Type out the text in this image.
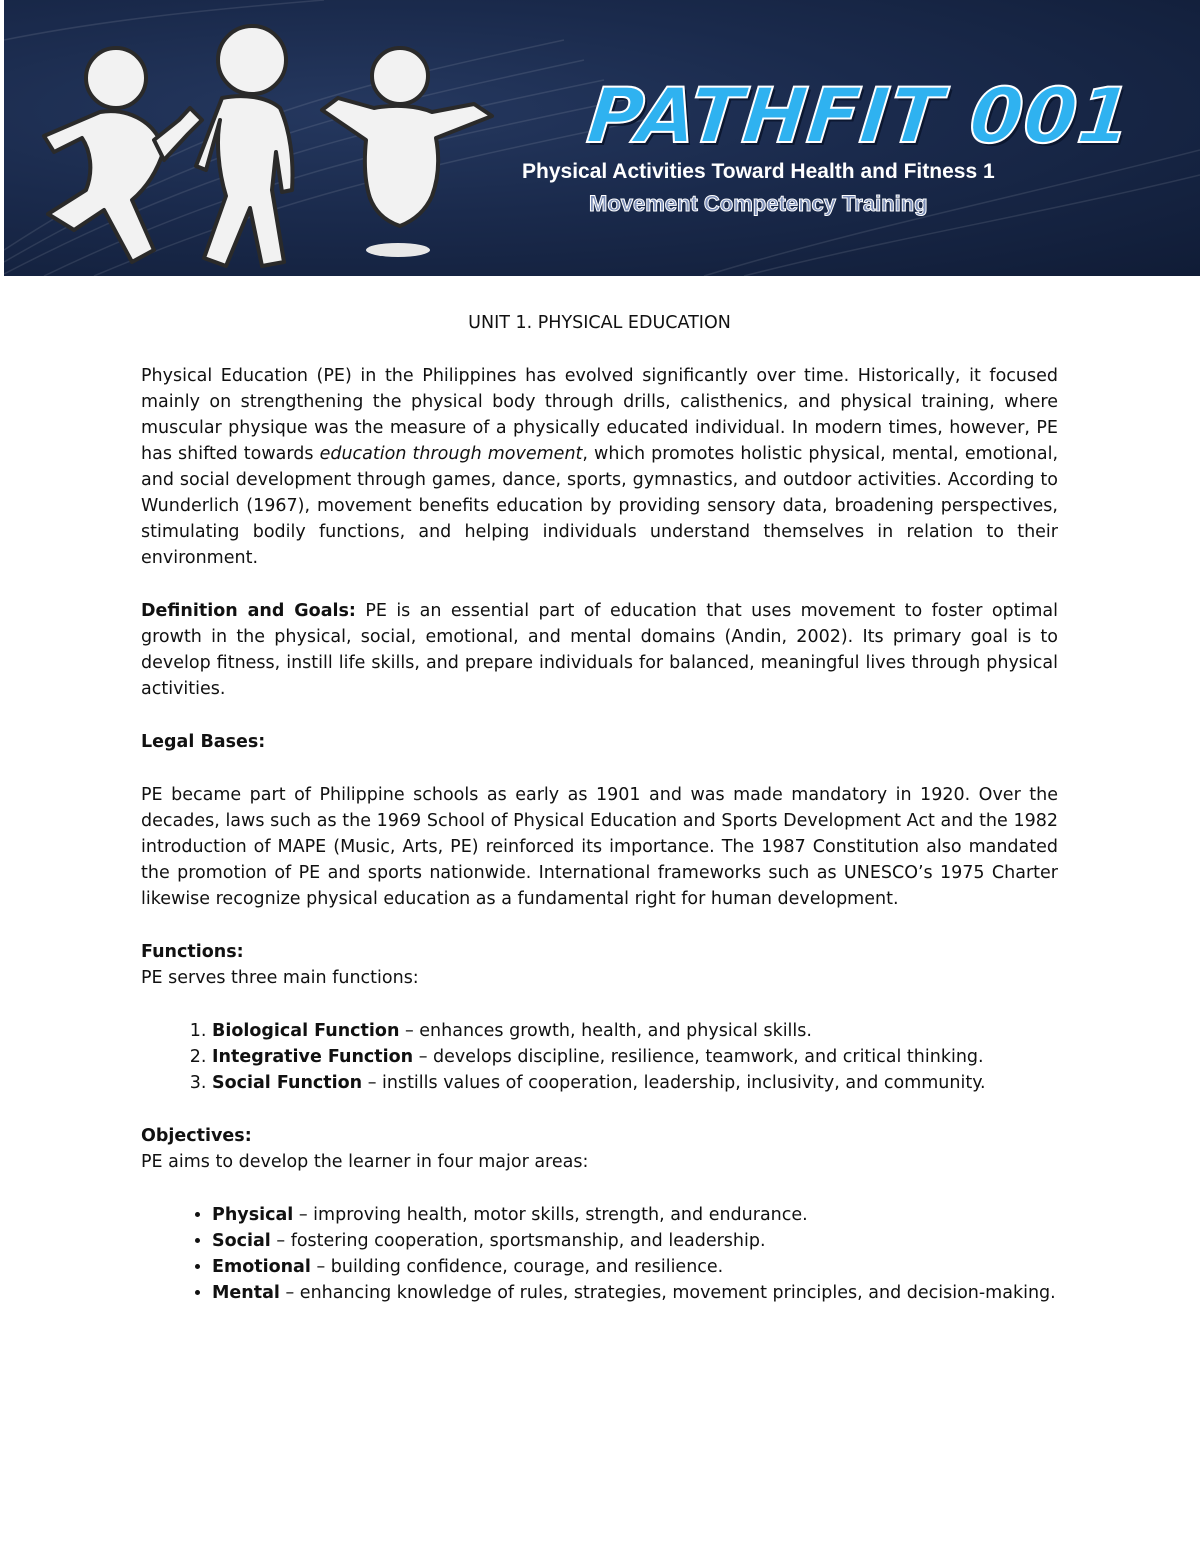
PATHFIT 001
Physical Activities Toward Health and Fitness 1
Movement Competency Training
UNIT 1. PHYSICAL EDUCATION

Physical Education (PE) in the Philippines has evolved significantly over time. Historically, it focused mainly on strengthening the physical body through drills, calisthenics, and physical training, where muscular physique was the measure of a physically educated individual. In modern times, however, PE has shifted towards education through movement, which promotes holistic physical, mental, emotional, and social development through games, dance, sports, gymnastics, and outdoor activities. According to Wunderlich (1967), movement benefits education by providing sensory data, broadening perspectives, stimulating bodily functions, and helping individuals understand themselves in relation to their environment.

Definition and Goals: PE is an essential part of education that uses movement to foster optimal growth in the physical, social, emotional, and mental domains (Andin, 2002). Its primary goal is to develop fitness, instill life skills, and prepare individuals for balanced, meaningful lives through physical activities.

Legal Bases:

PE became part of Philippine schools as early as 1901 and was made mandatory in 1920. Over the decades, laws such as the 1969 School of Physical Education and Sports Development Act and the 1982 introduction of MAPE (Music, Arts, PE) reinforced its importance. The 1987 Constitution also mandated the promotion of PE and sports nationwide. International frameworks such as UNESCO’s 1975 Charter likewise recognize physical education as a fundamental right for human development.

Functions:

PE serves three main functions:

1. Biological Function – enhances growth, health, and physical skills.
2. Integrative Function – develops discipline, resilience, teamwork, and critical thinking.
3. Social Function – instills values of cooperation, leadership, inclusivity, and community.

Objectives:

PE aims to develop the learner in four major areas:

• Physical – improving health, motor skills, strength, and endurance.
• Social – fostering cooperation, sportsmanship, and leadership.
• Emotional – building confidence, courage, and resilience.
• Mental – enhancing knowledge of rules, strategies, movement principles, and decision-making.
